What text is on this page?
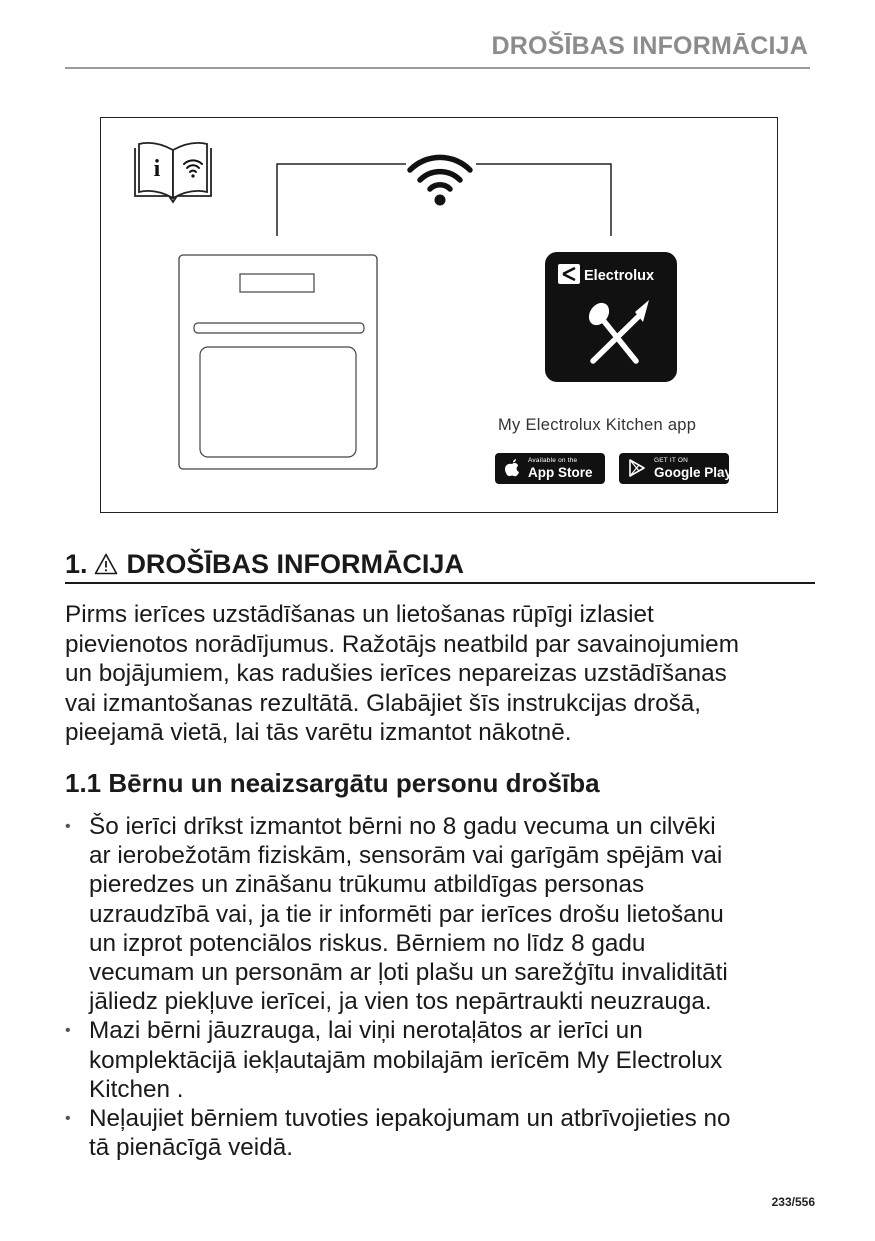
DROŠĪBAS INFORMĀCIJA
i
Electrolux
My Electrolux Kitchen app
Available on the
App Store
GET IT ON
Google Play
1. DROŠĪBAS INFORMĀCIJA

Pirms ierīces uzstādīšanas un lietošanas rūpīgi izlasiet

pievienotos norādījumus. Ražotājs neatbild par savainojumiem

un bojājumiem, kas radušies ierīces nepareizas uzstādīšanas

vai izmantošanas rezultātā. Glabājiet šīs instrukcijas drošā,

pieejamā vietā, lai tās varētu izmantot nākotnē.

1.1 Bērnu un neaizsargātu personu drošība
• Šo ierīci drīkst izmantot bērni no 8 gadu vecuma un cilvēki
ar ierobežotām fiziskām, sensorām vai garīgām spējām vai
pieredzes un zināšanu trūkumu atbildīgas personas
uzraudzībā vai, ja tie ir informēti par ierīces drošu lietošanu
un izprot potenciālos riskus. Bērniem no līdz 8 gadu
vecumam un personām ar ļoti plašu un sarežģītu invaliditāti
jāliedz piekļuve ierīcei, ja vien tos nepārtraukti neuzrauga.
• Mazi bērni jāuzrauga, lai viņi nerotaļātos ar ierīci un
komplektācijā iekļautajām mobilajām ierīcēm My Electrolux
Kitchen .
• Neļaujiet bērniem tuvoties iepakojumam un atbrīvojieties no
tā pienācīgā veidā.
233/556
